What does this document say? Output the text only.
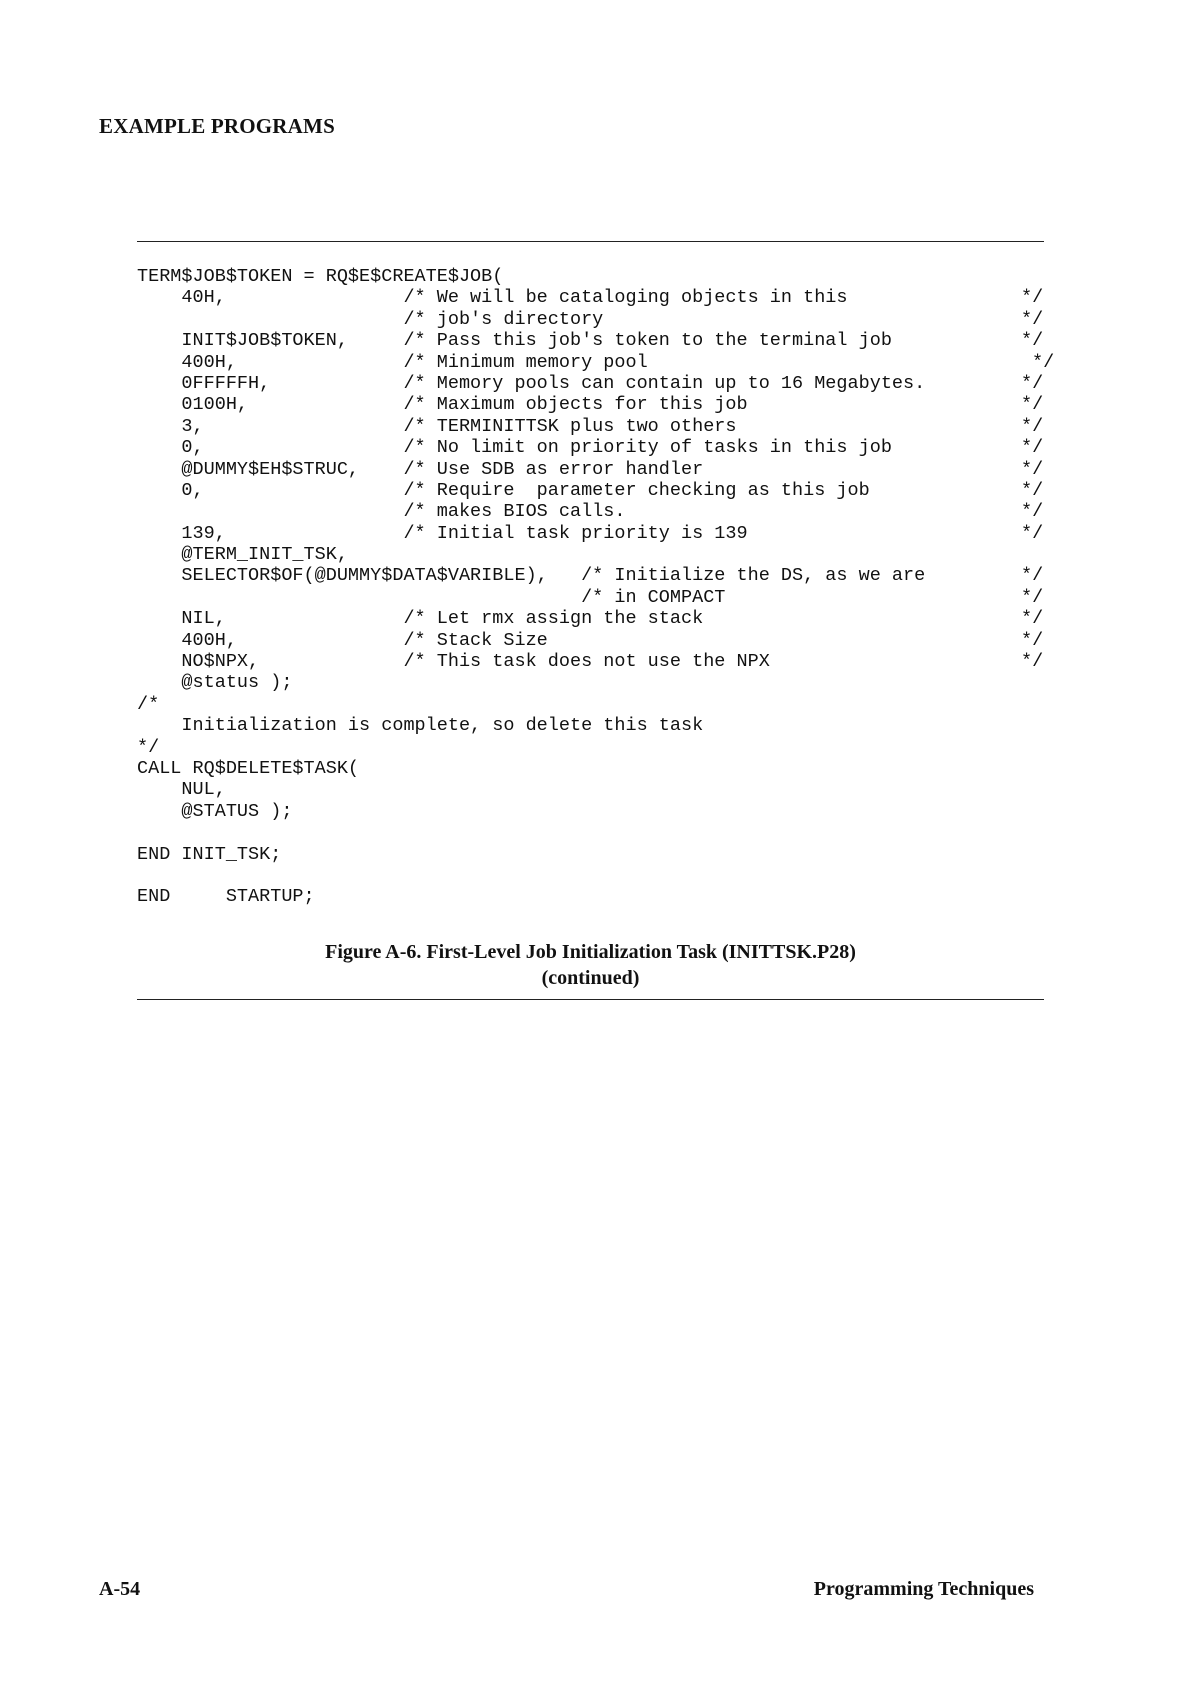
EXAMPLE PROGRAMS
TERM$JOB$TOKEN = RQ$E$CREATE$JOB(
40H,                /* We will be cataloging objects in this	*/
/* job's directory	*/
INIT$JOB$TOKEN,     /* Pass this job's token to the terminal job	*/
400H,               /* Minimum memory pool	*/
0FFFFFH,            /* Memory pools can contain up to 16 Megabytes.	*/
0100H,              /* Maximum objects for this job	*/
3,                  /* TERMINITTSK plus two others	*/
0,                  /* No limit on priority of tasks in this job	*/
@DUMMY$EH$STRUC,    /* Use SDB as error handler	*/
0,                  /* Require  parameter checking as this job	*/
/* makes BIOS calls.	*/
139,                /* Initial task priority is 139	*/
@TERM_INIT_TSK,
SELECTOR$OF(@DUMMY$DATA$VARIBLE),   /* Initialize the DS, as we are	*/
/* in COMPACT	*/
NIL,                /* Let rmx assign the stack	*/
400H,               /* Stack Size	*/
NO$NPX,             /* This task does not use the NPX	*/
@status );
/*
Initialization is complete, so delete this task
*/
CALL RQ$DELETE$TASK(
NUL,
@STATUS );
END INIT_TSK;
END     STARTUP;
Figure A-6. First-Level Job Initialization Task (INITTSK.P28)
(continued)
A-54	Programming Techniques
